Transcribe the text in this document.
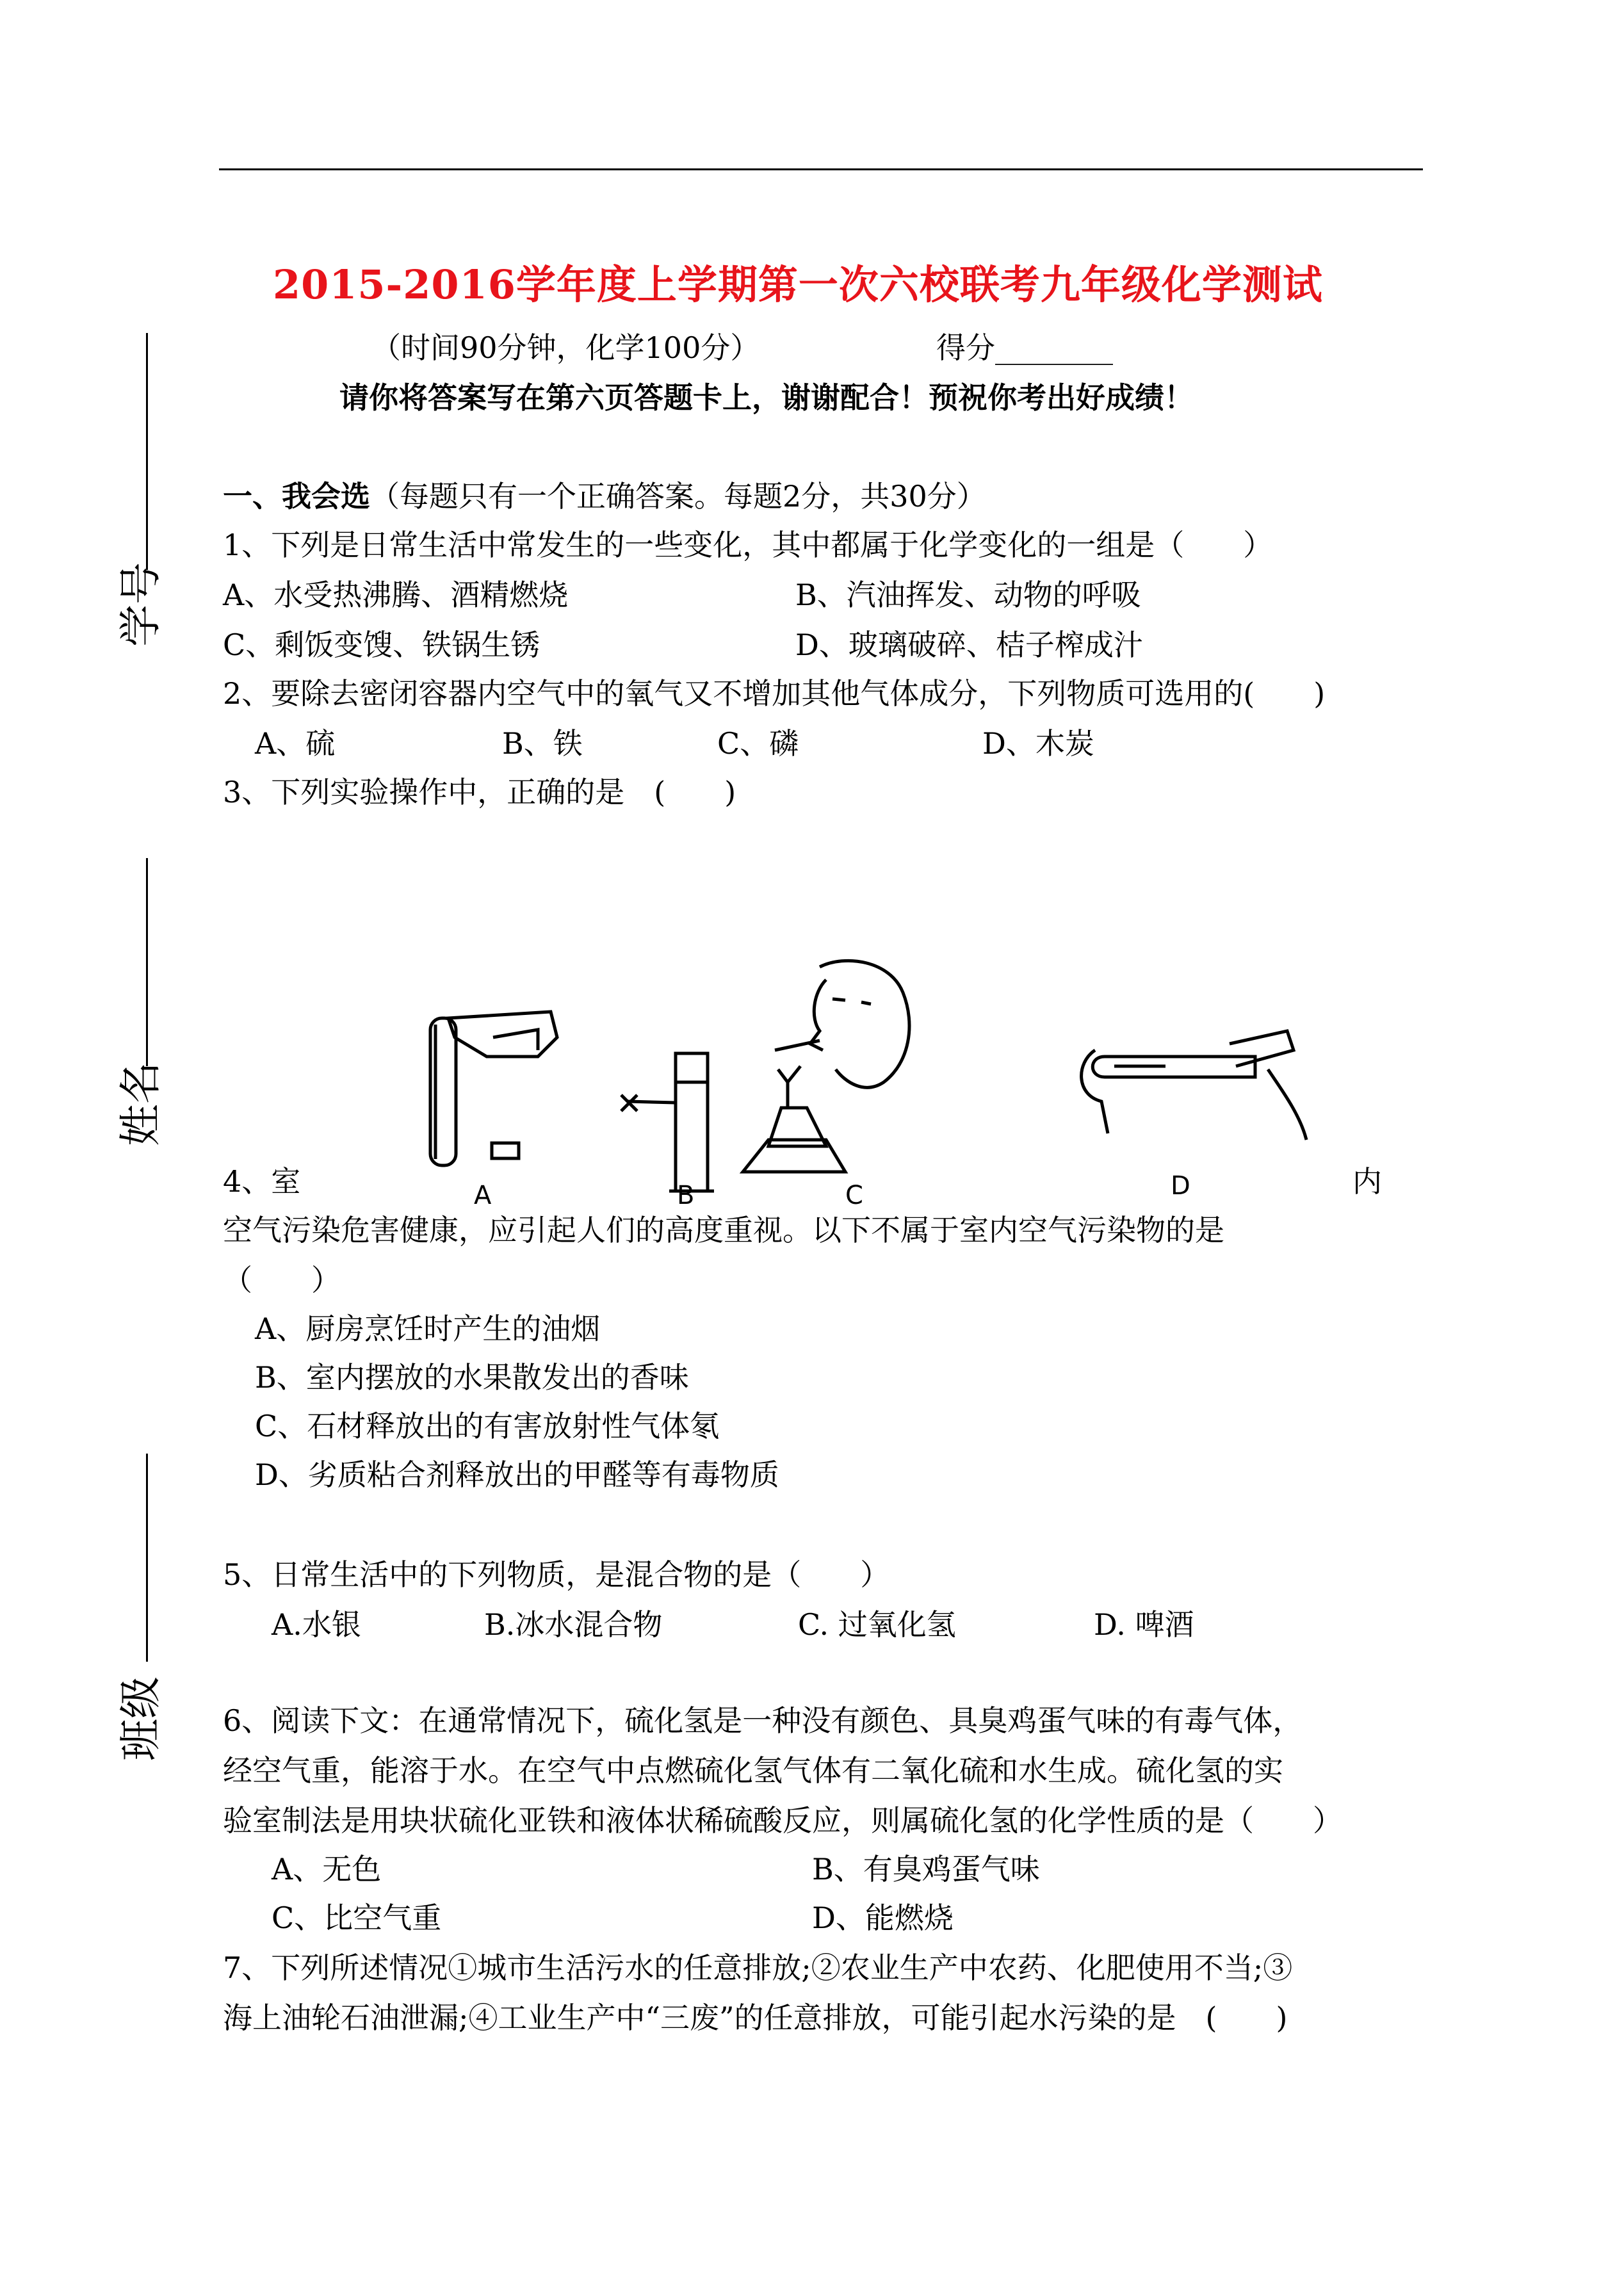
2015-2016学年度上学期第一次六校联考九年级化学测试
（时间90分钟，化学100分）	得分________
请你将答案写在第六页答题卡上，谢谢配合！预祝你考出好成绩！
学号
姓名
班级
一、我会选（每题只有一个正确答案。每题2分，共30分）
1、下列是日常生活中常发生的一些变化，其中都属于化学变化的一组是（　　）
A、水受热沸腾、酒精燃烧	B、汽油挥发、动物的呼吸
C、剩饭变馊、铁锅生锈	D、玻璃破碎、桔子榨成汁
2、要除去密闭容器内空气中的氧气又不增加其他气体成分，下列物质可选用的(　　)
A、硫	B、铁	C、磷	D、木炭
3、下列实验操作中，正确的是　(　　)
A	B	C	D
4、室	内
空气污染危害健康，应引起人们的高度重视。以下不属于室内空气污染物的是
（　　）
A、厨房烹饪时产生的油烟
B、室内摆放的水果散发出的香味
C、石材释放出的有害放射性气体氡
D、劣质粘合剂释放出的甲醛等有毒物质
5、日常生活中的下列物质，是混合物的是（　　）
A.水银	B.冰水混合物	C. 过氧化氢	D. 啤酒
6、阅读下文：在通常情况下，硫化氢是一种没有颜色、具臭鸡蛋气味的有毒气体，
经空气重，能溶于水。在空气中点燃硫化氢气体有二氧化硫和水生成。硫化氢的实
验室制法是用块状硫化亚铁和液体状稀硫酸反应，则属硫化氢的化学性质的是（　　）
A、无色	B、有臭鸡蛋气味
C、比空气重	D、能燃烧
7、下列所述情况①城市生活污水的任意排放;②农业生产中农药、化肥使用不当;③
海上油轮石油泄漏;④工业生产中“三废”的任意排放，可能引起水污染的是　(　　)
